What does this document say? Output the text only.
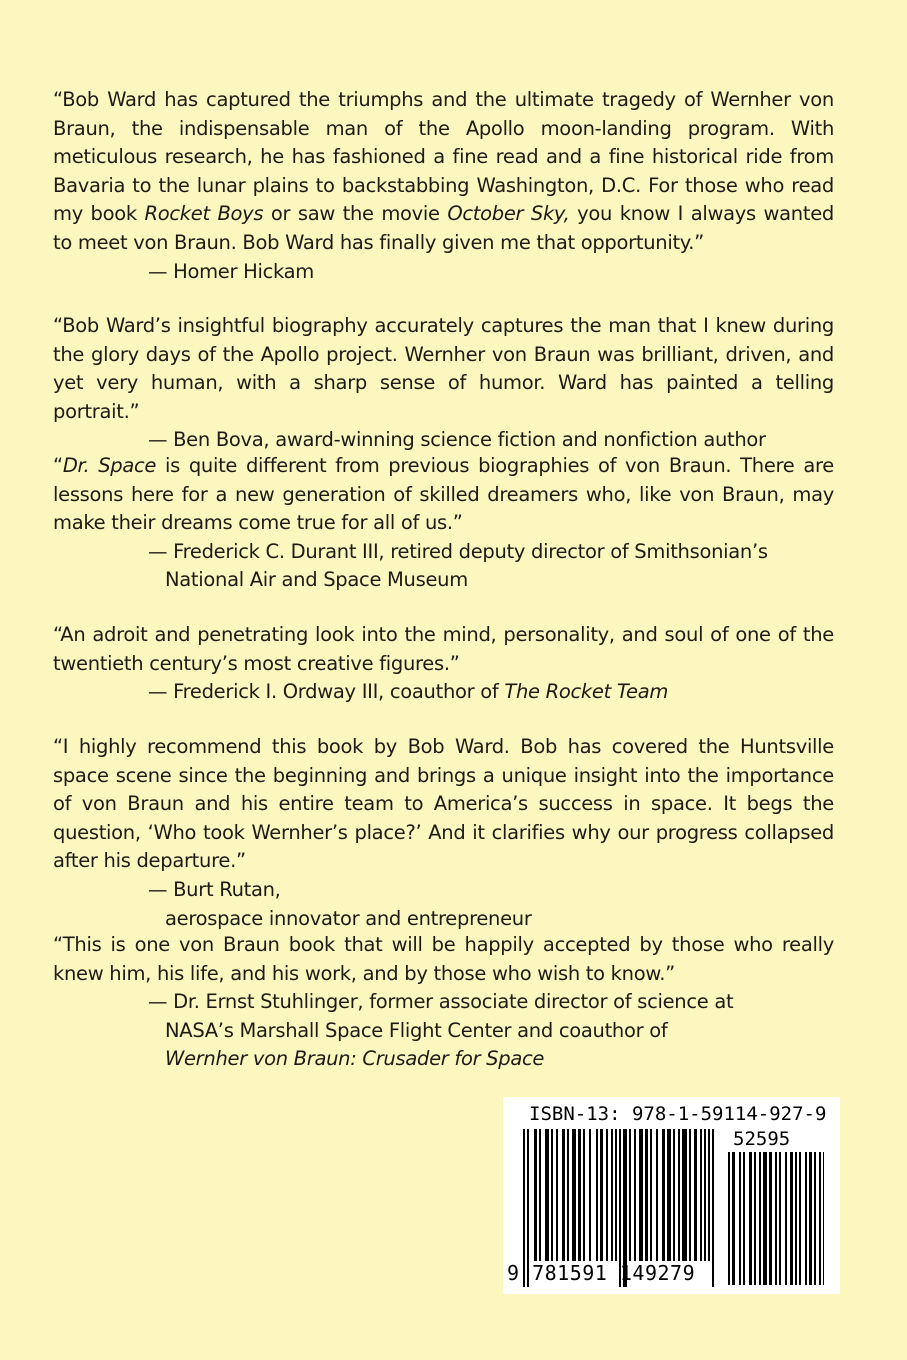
“Bob Ward has captured the triumphs and the ultimate tragedy of Wernher von Braun, the indispensable man of the Apollo moon-landing program. With meticulous research, he has fashioned a fine read and a fine historical ride from Bavaria to the lunar plains to backstabbing Washington, D.C. For those who read my book Rocket Boys or saw the movie October Sky, you know I always wanted to meet von Braun. Bob Ward has finally given me that opportunity.”

— Homer Hickam

“Bob Ward’s insightful biography accurately captures the man that I knew during the glory days of the Apollo project. Wernher von Braun was brilliant, driven, and yet very human, with a sharp sense of humor. Ward has painted a telling portrait.”

— Ben Bova, award-winning science fiction and nonfiction author

“Dr. Space is quite different from previous biographies of von Braun. There are lessons here for a new generation of skilled dreamers who, like von Braun, may make their dreams come true for all of us.”

— Frederick C. Durant III, retired deputy director of Smithsonian’s
National Air and Space Museum

“An adroit and penetrating look into the mind, personality, and soul of one of the twentieth century’s most creative figures.”

— Frederick I. Ordway III, coauthor of The Rocket Team

“I highly recommend this book by Bob Ward. Bob has covered the Huntsville space scene since the beginning and brings a unique insight into the importance of von Braun and his entire team to America’s success in space. It begs the question, ‘Who took Wernher’s place?’ And it clarifies why our progress collapsed after his departure.”

— Burt Rutan,
aerospace innovator and entrepreneur

“This is one von Braun book that will be happily accepted by those who really knew him, his life, and his work, and by those who wish to know.”

— Dr. Ernst Stuhlinger, former associate director of science at
NASA’s Marshall Space Flight Center and coauthor of
Wernher von Braun: Crusader for Space

ISBN-13: 978-1-59114-927-9
52595
9 781591 149279
